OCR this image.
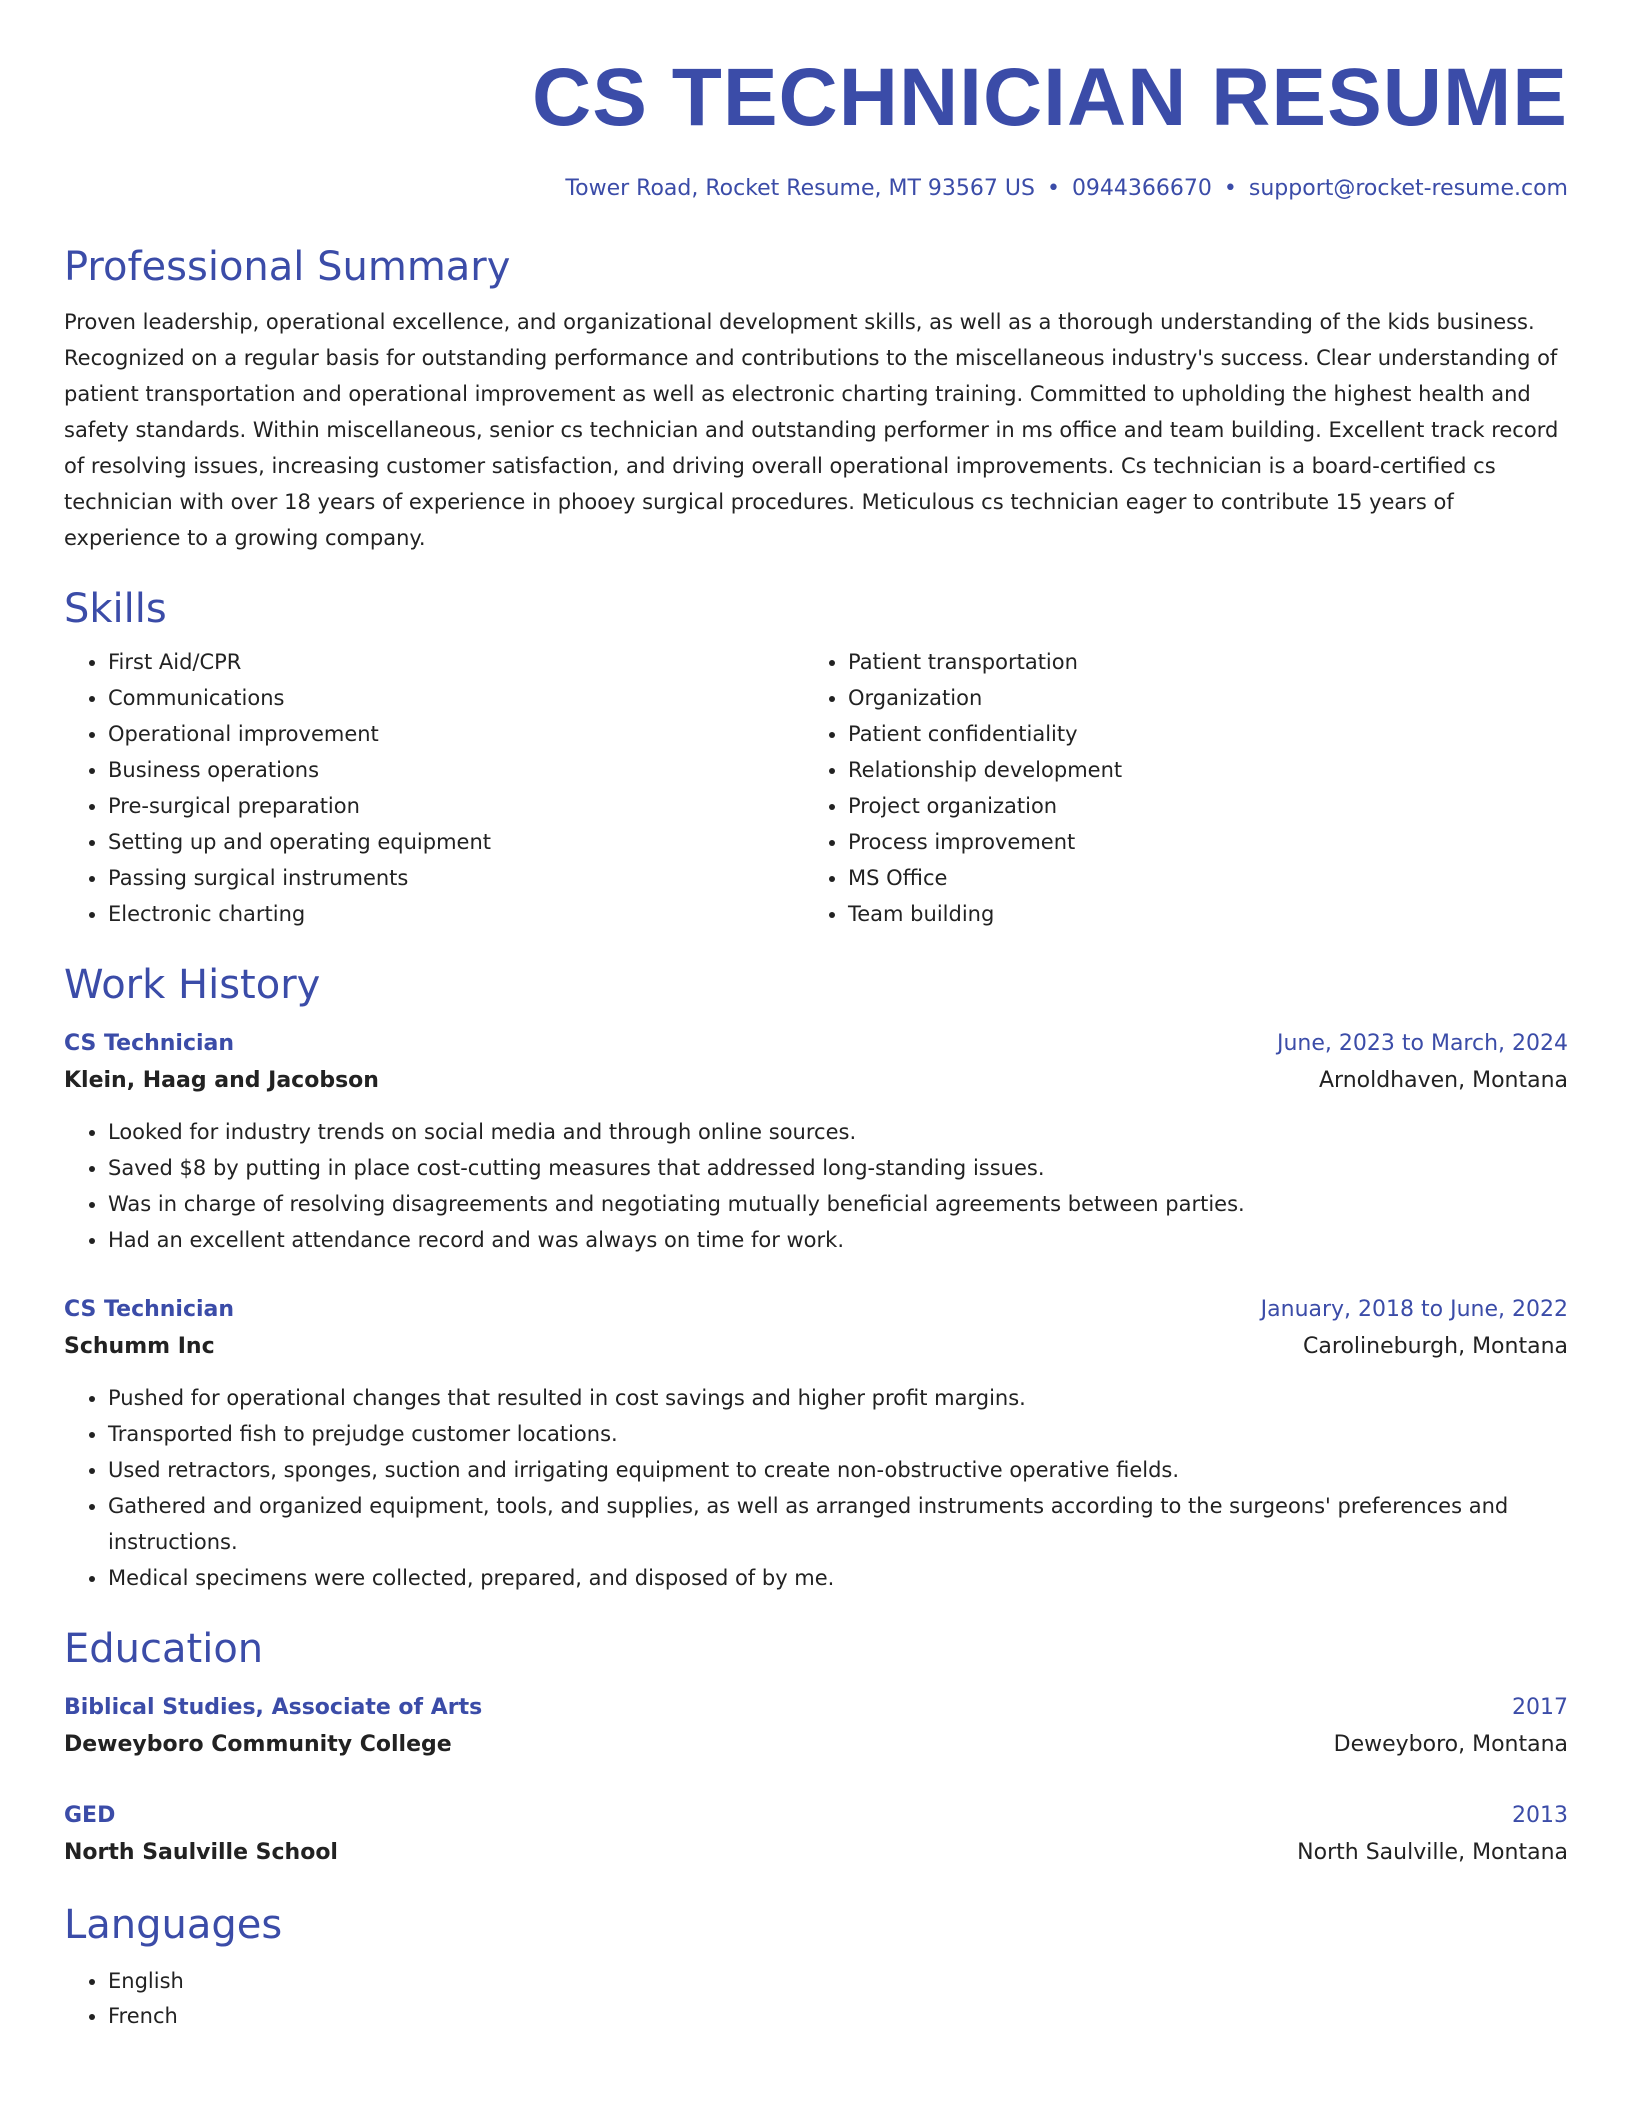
CS TECHNICIAN RESUME
Tower Road, Rocket Resume, MT 93567 US • 0944366670 • support@rocket-resume.com
Professional Summary

Proven leadership, operational excellence, and organizational development skills, as well as a thorough understanding of the kids business. Recognized on a regular basis for outstanding performance and contributions to the miscellaneous industry's success. Clear understanding of patient transportation and operational improvement as well as electronic charting training. Committed to upholding the highest health and safety standards. Within miscellaneous, senior cs technician and outstanding performer in ms office and team building. Excellent track record of resolving issues, increasing customer satisfaction, and driving overall operational improvements. Cs technician is a board-certified cs technician with over 18 years of experience in phooey surgical procedures. Meticulous cs technician eager to contribute 15 years of experience to a growing company.

Skills
• First Aid/CPR
• Communications
• Operational improvement
• Business operations
• Pre-surgical preparation
• Setting up and operating equipment
• Passing surgical instruments
• Electronic charting
• Patient transportation
• Organization
• Patient confidentiality
• Relationship development
• Project organization
• Process improvement
• MS Office
• Team building
Work History
CS Technician	June, 2023 to March, 2024
Klein, Haag and Jacobson	Arnoldhaven, Montana
• Looked for industry trends on social media and through online sources.
• Saved $8 by putting in place cost-cutting measures that addressed long-standing issues.
• Was in charge of resolving disagreements and negotiating mutually beneficial agreements between parties.
• Had an excellent attendance record and was always on time for work.
CS Technician	January, 2018 to June, 2022
Schumm Inc	Carolineburgh, Montana
• Pushed for operational changes that resulted in cost savings and higher profit margins.
• Transported fish to prejudge customer locations.
• Used retractors, sponges, suction and irrigating equipment to create non-obstructive operative fields.
• Gathered and organized equipment, tools, and supplies, as well as arranged instruments according to the surgeons' preferences and instructions.
• Medical specimens were collected, prepared, and disposed of by me.
Education
Biblical Studies, Associate of Arts	2017
Deweyboro Community College	Deweyboro, Montana
GED	2013
North Saulville School	North Saulville, Montana
Languages
• English
• French
